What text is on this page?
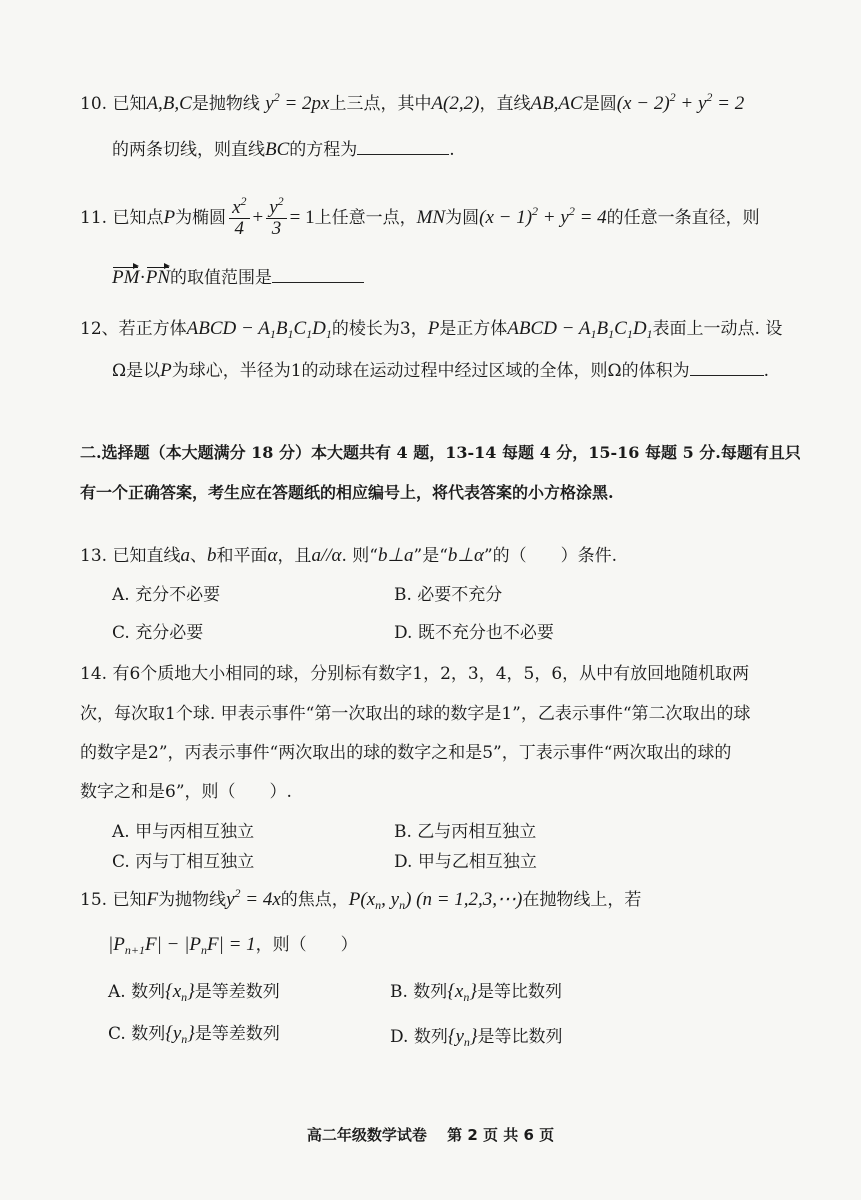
10. 已知A,B,C是抛物线 $y^2 = 2px$上三点，其中A(2,2)，直线AB,AC是圆$(x - 2)^2 + y^2 = 2$
的两条切线，则直线BC的方程为	.
11. 已知点P为椭圆 $\frac{x^2}{4} + \frac{y^2}{3} = 1$上任意一点，MN为圆$(x - 1)^2 + y^2 = 4$的任意一条直径，则
PM·PN的取值范围是
12、若正方体ABCD − $A_1B_1C_1D_1$的棱长为3，P是正方体ABCD − $A_1B_1C_1D_1$表面上一动点. 设
Ω是以P为球心，半径为1的动球在运动过程中经过区域的全体，则Ω的体积为	.
二.选择题（本大题满分 18 分）本大题共有 4 题，13-14 每题 4 分，15-16 每题 5 分.每题有且只
有一个正确答案，考生应在答题纸的相应编号上，将代表答案的小方格涂黑.
13. 已知直线a、b和平面α，且a//α. 则“b⊥a”是“b⊥α”的（　　）条件.
A. 充分不必要	B. 必要不充分
C. 充分必要	D. 既不充分也不必要
14. 有6个质地大小相同的球，分别标有数字1，2，3，4，5，6，从中有放回地随机取两
次，每次取1个球. 甲表示事件“第一次取出的球的数字是1”，乙表示事件“第二次取出的球
的数字是2”，丙表示事件“两次取出的球的数字之和是5”，丁表示事件“两次取出的球的
数字之和是6”，则（　　）.
A. 甲与丙相互独立	B. 乙与丙相互独立
C. 丙与丁相互独立	D. 甲与乙相互独立
15. 已知F为抛物线$y^2 = 4x$的焦点，$P(x_n$, $y_n$) (n = 1,2,3,⋯)在抛物线上，若
$|P_{n+1}F| - |P_nF| = 1$，则（　　）
A. 数列$\{x_n\}$是等差数列	B. 数列$\{x_n\}$是等比数列
C. 数列$\{y_n\}$是等差数列	D. 数列$\{y_n\}$是等比数列
高二年级数学试卷　 第 2 页 共 6 页
